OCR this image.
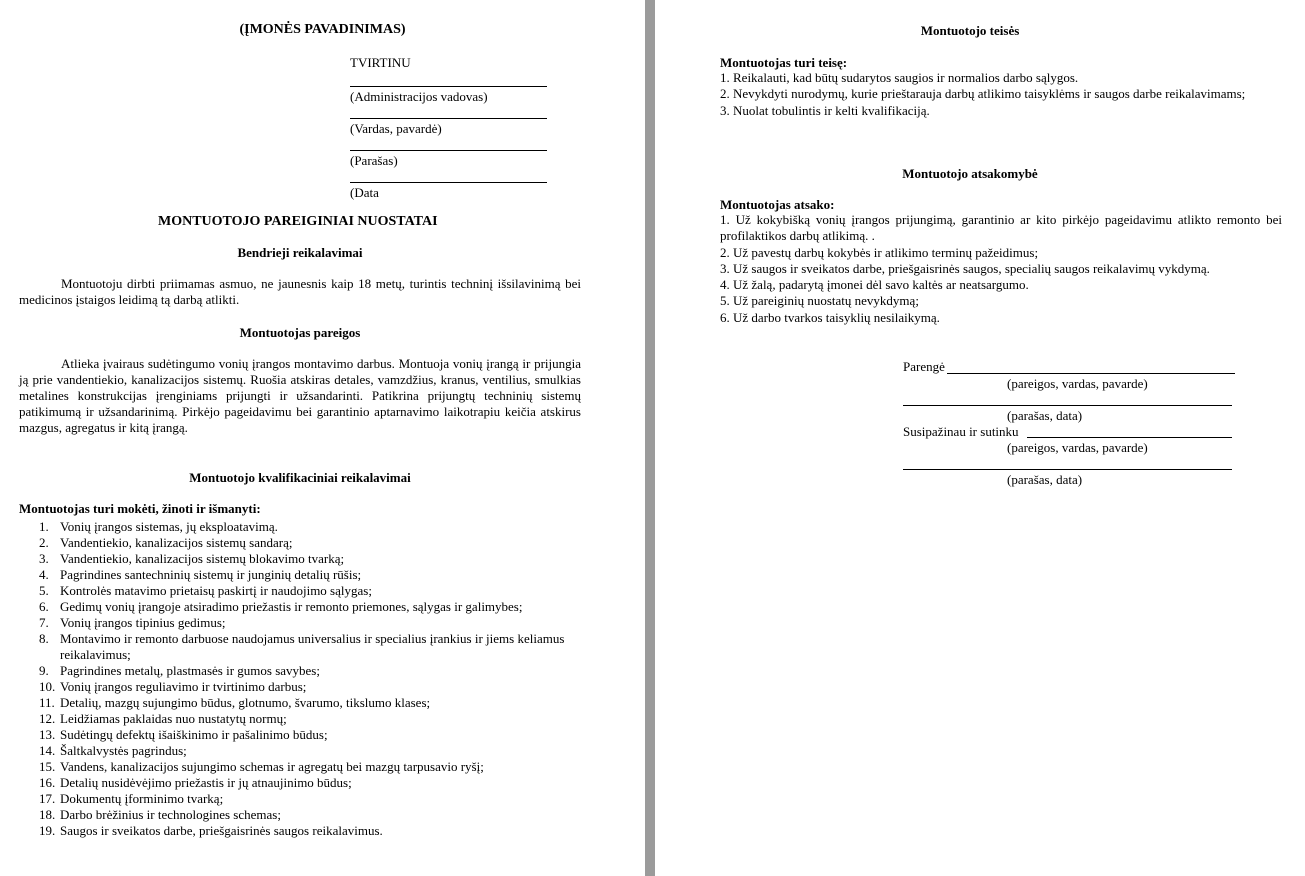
(ĮMONĖS PAVADINIMAS)
TVIRTINU
(Administracijos vadovas)
(Vardas, pavardė)
(Parašas)
(Data
MONTUOTOJO PAREIGINIAI NUOSTATAI
Bendrieji reikalavimai
Montuotoju dirbti priimamas asmuo, ne jaunesnis kaip 18 metų, turintis techninį išsilavinimą bei medicinos įstaigos leidimą tą darbą atlikti.
Montuotojas pareigos
Atlieka įvairaus sudėtingumo vonių įrangos montavimo darbus. Montuoja vonių įrangą ir prijungia ją prie vandentiekio, kanalizacijos sistemų. Ruošia atskiras detales, vamzdžius, kranus, ventilius, smulkias metalines konstrukcijas įrenginiams prijungti ir užsandarinti. Patikrina prijungtų techninių sistemų patikimumą ir užsandarinimą. Pirkėjo pageidavimu bei garantinio aptarnavimo laikotrapiu keičia atskirus mazgus, agregatus ir kitą įrangą.
Montuotojo kvalifikaciniai reikalavimai
Montuotojas turi mokėti, žinoti ir išmanyti:
1. Vonių įrangos sistemas, jų eksploatavimą.
2. Vandentiekio, kanalizacijos sistemų sandarą;
3. Vandentiekio, kanalizacijos sistemų blokavimo tvarką;
4. Pagrindines santechninių sistemų ir junginių detalių rūšis;
5. Kontrolės matavimo prietaisų paskirtį ir naudojimo sąlygas;
6. Gedimų vonių įrangoje atsiradimo priežastis ir remonto priemones, sąlygas ir galimybes;
7. Vonių įrangos tipinius gedimus;
8. Montavimo ir remonto darbuose naudojamus universalius ir specialius įrankius ir jiems keliamus reikalavimus;
9. Pagrindines metalų, plastmasės ir gumos savybes;
10. Vonių įrangos reguliavimo ir tvirtinimo darbus;
11. Detalių, mazgų sujungimo būdus, glotnumo, švarumo, tikslumo klases;
12. Leidžiamas paklaidas nuo nustatytų normų;
13. Sudėtingų defektų išaiškinimo ir pašalinimo būdus;
14. Šaltkalvystės pagrindus;
15. Vandens, kanalizacijos sujungimo schemas ir agregatų bei mazgų tarpusavio ryšį;
16. Detalių nusidėvėjimo priežastis ir jų atnaujinimo būdus;
17. Dokumentų įforminimo tvarką;
18. Darbo brėžinius ir technologines schemas;
19. Saugos ir sveikatos darbe, priešgaisrinės saugos reikalavimus.
Montuotojo teisės
Montuotojas turi teisę:
1. Reikalauti, kad būtų sudarytos saugios ir normalios darbo sąlygos.
2. Nevykdyti nurodymų, kurie prieštarauja darbų atlikimo taisyklėms ir saugos darbe reikalavimams;
3. Nuolat tobulintis ir kelti kvalifikaciją.
Montuotojo atsakomybė
Montuotojas atsako:
1. Už kokybišką vonių įrangos prijungimą, garantinio ar kito pirkėjo pageidavimu atlikto remonto bei profilaktikos darbų atlikimą. .
2. Už pavestų darbų kokybės ir atlikimo terminų pažeidimus;
3. Už saugos ir sveikatos darbe, priešgaisrinės saugos, specialių saugos reikalavimų vykdymą.
4. Už žalą, padarytą įmonei dėl savo kaltės ar neatsargumo.
5. Už pareiginių nuostatų nevykdymą;
6. Už darbo tvarkos taisyklių nesilaikymą.
Parengė
(pareigos, vardas, pavarde)
(parašas, data)
Susipažinau ir sutinku
(pareigos, vardas, pavarde)
(parašas, data)
